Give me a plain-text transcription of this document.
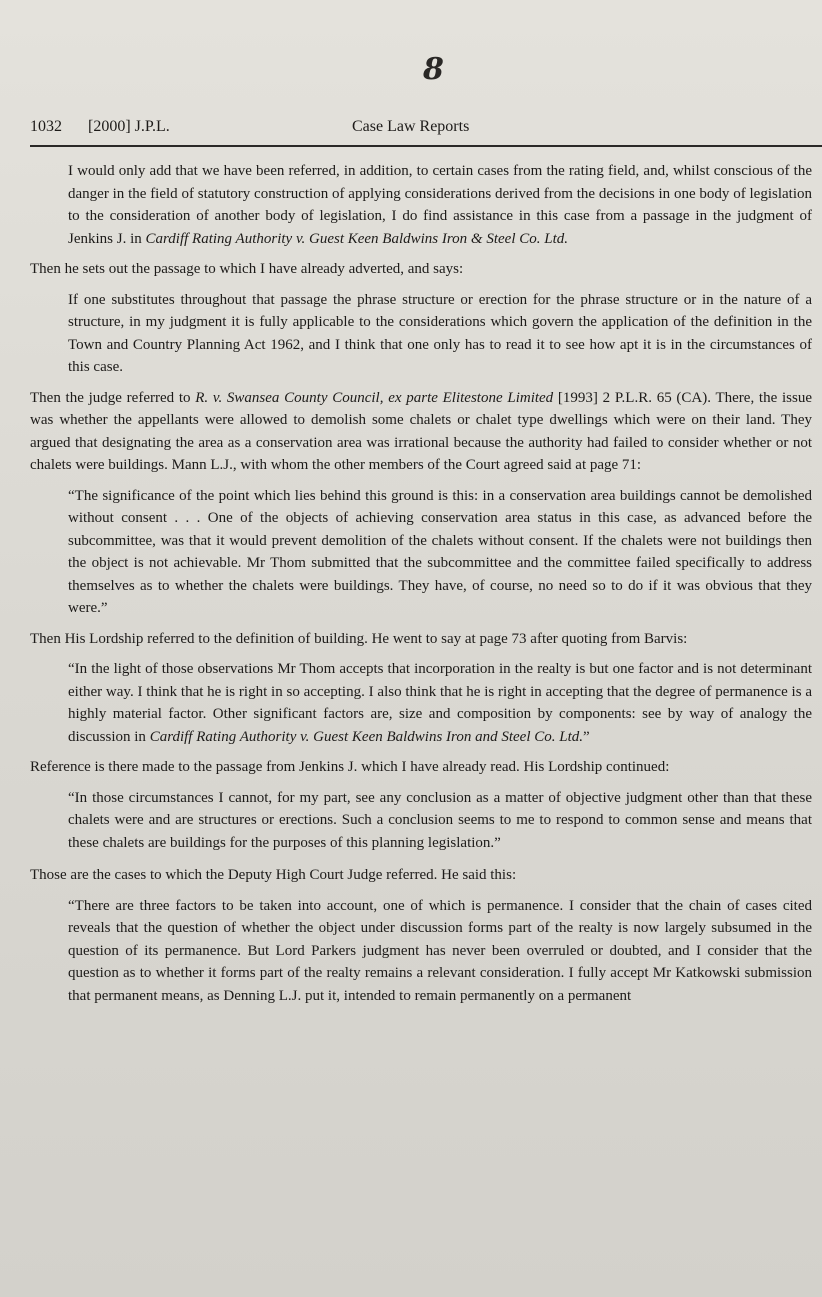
8
1032 [2000] J.P.L.	Case Law Reports

I would only add that we have been referred, in addition, to certain cases from the rating field, and, whilst conscious of the danger in the field of statutory construction of applying considerations derived from the decisions in one body of legislation to the consideration of another body of legislation, I do find assistance in this case from a passage in the judgment of Jenkins J. in Cardiff Rating Authority v. Guest Keen Baldwins Iron & Steel Co. Ltd.

Then he sets out the passage to which I have already adverted, and says:

If one substitutes throughout that passage the phrase structure or erection for the phrase structure or in the nature of a structure, in my judgment it is fully applicable to the considerations which govern the application of the definition in the Town and Country Planning Act 1962, and I think that one only has to read it to see how apt it is in the circumstances of this case.

Then the judge referred to R. v. Swansea County Council, ex parte Elitestone Limited [1993] 2 P.L.R. 65 (CA). There, the issue was whether the appellants were allowed to demolish some chalets or chalet type dwellings which were on their land. They argued that designating the area as a conservation area was irrational because the authority had failed to consider whether or not chalets were buildings. Mann L.J., with whom the other members of the Court agreed said at page 71:

“The significance of the point which lies behind this ground is this: in a conservation area buildings cannot be demolished without consent . . . One of the objects of achieving conservation area status in this case, as advanced before the subcommittee, was that it would prevent demolition of the chalets without consent. If the chalets were not buildings then the object is not achievable. Mr Thom submitted that the subcommittee and the committee failed specifically to address themselves as to whether the chalets were buildings. They have, of course, no need so to do if it was obvious that they were.”

Then His Lordship referred to the definition of building. He went to say at page 73 after quoting from Barvis:

“In the light of those observations Mr Thom accepts that incorporation in the realty is but one factor and is not determinant either way. I think that he is right in so accepting. I also think that he is right in accepting that the degree of permanence is a highly material factor. Other significant factors are, size and composition by components: see by way of analogy the discussion in Cardiff Rating Authority v. Guest Keen Baldwins Iron and Steel Co. Ltd.”

Reference is there made to the passage from Jenkins J. which I have already read. His Lordship continued:

“In those circumstances I cannot, for my part, see any conclusion as a matter of objective judgment other than that these chalets were and are structures or erections. Such a conclusion seems to me to respond to common sense and means that these chalets are buildings for the purposes of this planning legislation.”

Those are the cases to which the Deputy High Court Judge referred. He said this:

“There are three factors to be taken into account, one of which is permanence. I consider that the chain of cases cited reveals that the question of whether the object under discussion forms part of the realty is now largely subsumed in the question of its permanence. But Lord Parkers judgment has never been overruled or doubted, and I consider that the question as to whether it forms part of the realty remains a relevant consideration. I fully accept Mr Katkowski submission that permanent means, as Denning L.J. put it, intended to remain permanently on a permanent
